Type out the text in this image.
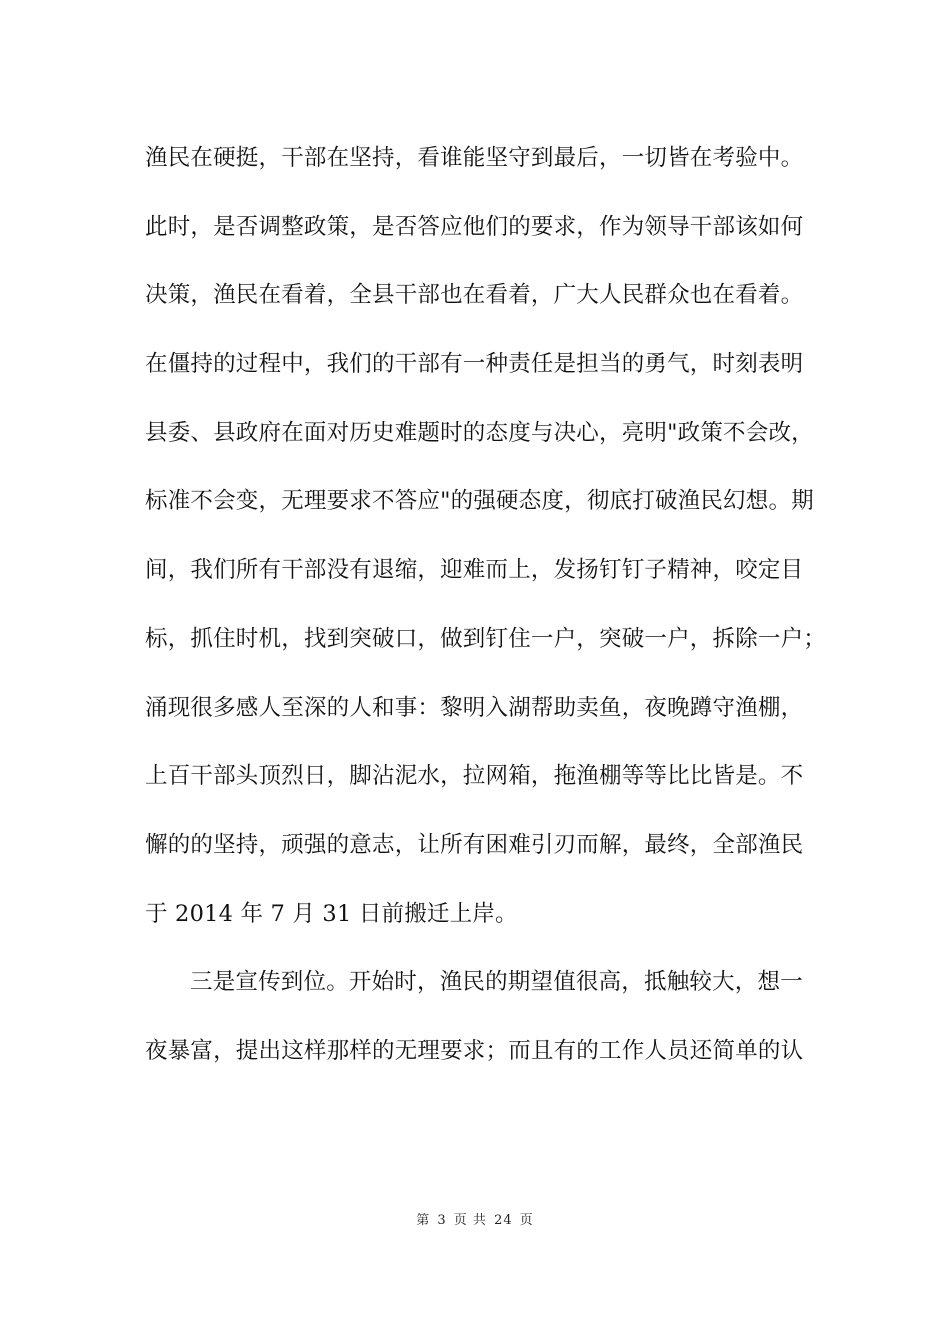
渔民在硬挺，干部在坚持，看谁能坚守到最后，一切皆在考验中。
此时，是否调整政策，是否答应他们的要求，作为领导干部该如何
决策，渔民在看着，全县干部也在看着，广大人民群众也在看着。
在僵持的过程中，我们的干部有一种责任是担当的勇气，时刻表明
县委、县政府在面对历史难题时的态度与决心，亮明"政策不会改，
标准不会变，无理要求不答应"的强硬态度，彻底打破渔民幻想。期
间，我们所有干部没有退缩，迎难而上，发扬钉钉子精神，咬定目
标，抓住时机，找到突破口，做到钉住一户，突破一户，拆除一户；
涌现很多感人至深的人和事：黎明入湖帮助卖鱼，夜晚蹲守渔棚，
上百干部头顶烈日，脚沾泥水，拉网箱，拖渔棚等等比比皆是。不
懈的的坚持，顽强的意志，让所有困难引刃而解，最终，全部渔民
于 2014 年 7 月 31 日前搬迁上岸。
三是宣传到位。开始时，渔民的期望值很高，抵触较大，想一
夜暴富，提出这样那样的无理要求；而且有的工作人员还简单的认
第 3 页 共 24 页
